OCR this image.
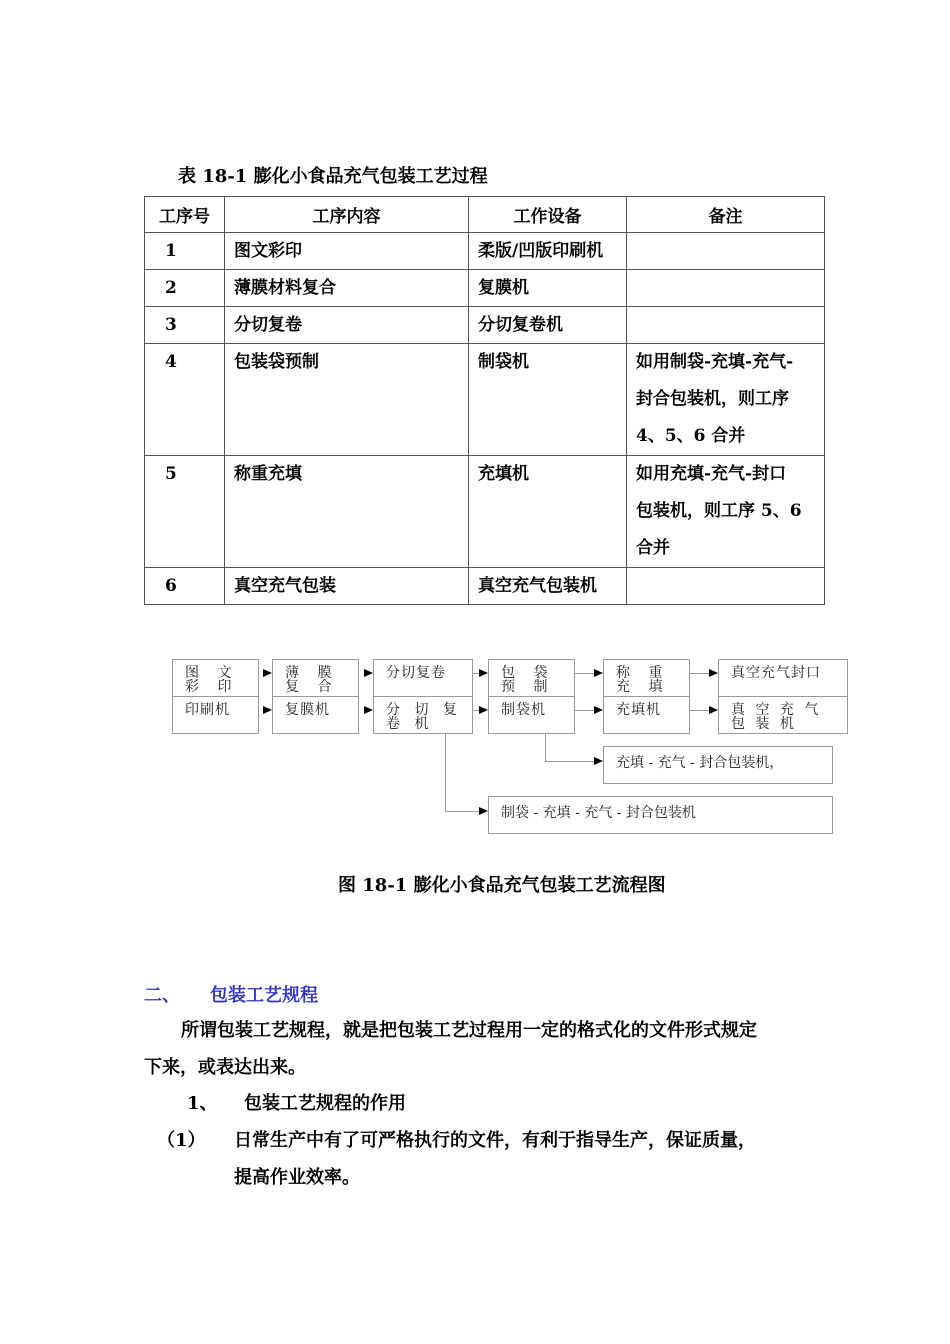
表 18-1 膨化小食品充气包装工艺过程
工序号	工序内容	工作设备	备注
1	图文彩印	柔版/凹版印刷机	
2	薄膜材料复合	复膜机	
3	分切复卷	分切复卷机	
4	包装袋预制	制袋机	如用制袋-充填-充气-
封合包装机，则工序
4、5、6 合并

5	称重充填	充填机	如用充填-充气-封口
包装机，则工序 5、6
合并

6	真空充气包装	真空充气包装机	
图 文 彩 印
薄 膜 复 合
分切复卷	包 袋 预 制
称 重 充 填
真空充气封口
印刷机	复膜机	分 切 复 卷 机
制袋机	充填机	真 空 充 气 包 装 机
充填 - 充气 - 封合包装机，
制袋 - 充填 - 充气 - 封合包装机
图 18-1 膨化小食品充气包装工艺流程图
二、 包装工艺规程
所谓包装工艺规程，就是把包装工艺过程用一定的格式化的文件形式规定
下来，或表达出来。
1、 包装工艺规程的作用
（1） 日常生产中有了可严格执行的文件，有利于指导生产，保证质量，
提高作业效率。
